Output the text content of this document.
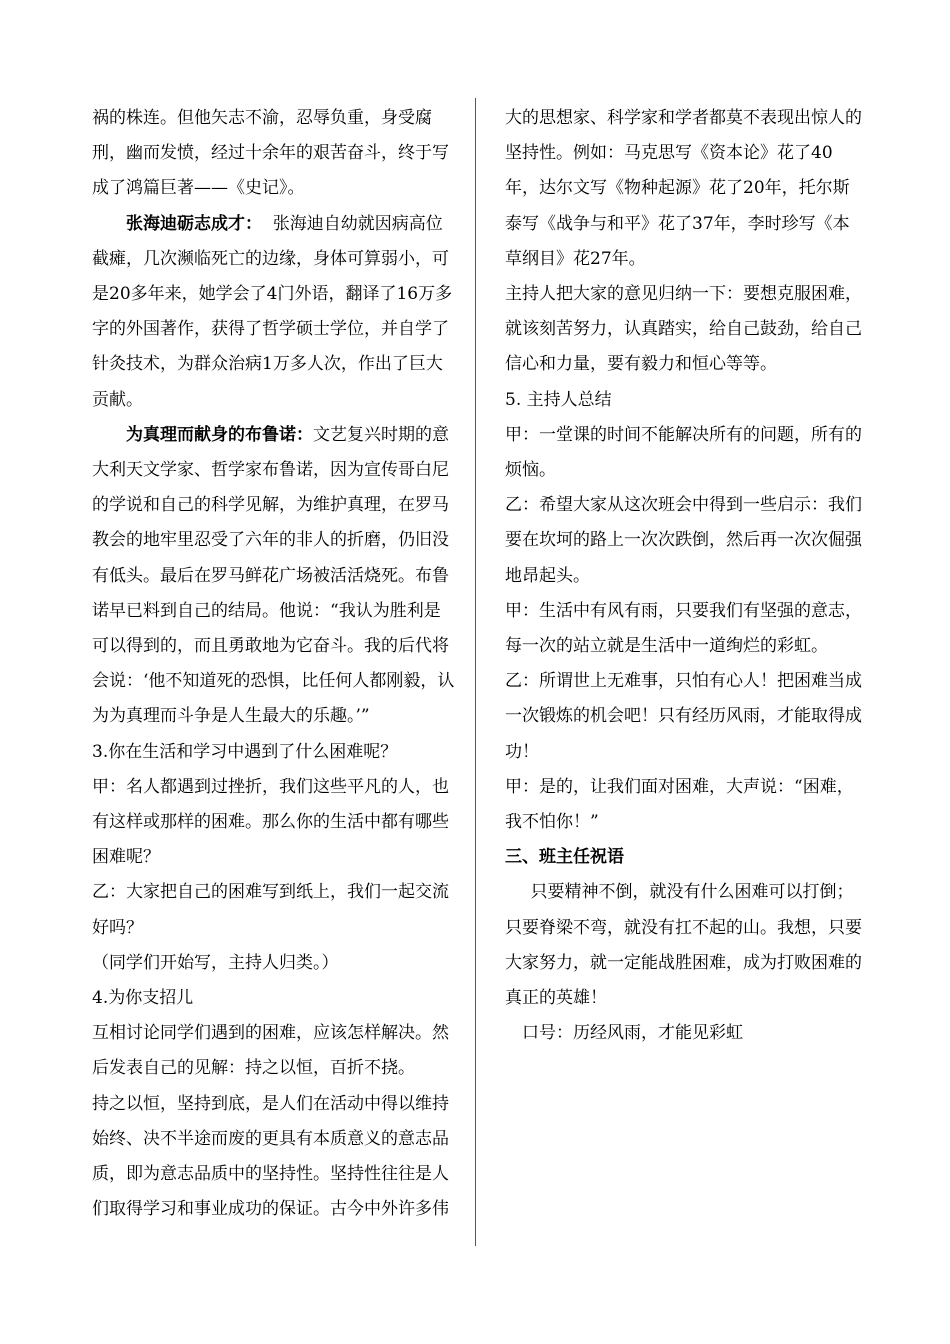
祸的株连。但他矢志不渝，忍辱负重，身受腐刑，幽而发愤，经过十余年的艰苦奋斗，终于写成了鸿篇巨著——《史记》。

张海迪砺志成才： 张海迪自幼就因病高位截瘫，几次濒临死亡的边缘，身体可算弱小，可是20多年来，她学会了4门外语，翻译了16万多字的外国著作，获得了哲学硕士学位，并自学了针灸技术，为群众治病1万多人次，作出了巨大贡献。

为真理而献身的布鲁诺：文艺复兴时期的意大利天文学家、哲学家布鲁诺，因为宣传哥白尼的学说和自己的科学见解，为维护真理，在罗马教会的地牢里忍受了六年的非人的折磨，仍旧没有低头。最后在罗马鲜花广场被活活烧死。布鲁诺早已料到自己的结局。他说：“我认为胜利是可以得到的，而且勇敢地为它奋斗。我的后代将会说：‘他不知道死的恐惧，比任何人都刚毅，认为为真理而斗争是人生最大的乐趣。’”

3.你在生活和学习中遇到了什么困难呢？

甲：名人都遇到过挫折，我们这些平凡的人，也有这样或那样的困难。那么你的生活中都有哪些困难呢？

乙：大家把自己的困难写到纸上，我们一起交流好吗？

（同学们开始写，主持人归类。）

4.为你支招儿

互相讨论同学们遇到的困难，应该怎样解决。然后发表自己的见解：持之以恒，百折不挠。

持之以恒，坚持到底，是人们在活动中得以维持始终、决不半途而废的更具有本质意义的意志品质，即为意志品质中的坚持性。坚持性往往是人们取得学习和事业成功的保证。古今中外许多伟

大的思想家、科学家和学者都莫不表现出惊人的坚持性。例如：马克思写《资本论》花了40年，达尔文写《物种起源》花了20年，托尔斯泰写《战争与和平》花了37年，李时珍写《本草纲目》花27年。

主持人把大家的意见归纳一下：要想克服困难，就该刻苦努力，认真踏实，给自己鼓劲，给自己信心和力量，要有毅力和恒心等等。

5. 主持人总结

甲：一堂课的时间不能解决所有的问题，所有的烦恼。

乙：希望大家从这次班会中得到一些启示：我们要在坎坷的路上一次次跌倒，然后再一次次倔强地昂起头。

甲：生活中有风有雨，只要我们有坚强的意志，每一次的站立就是生活中一道绚烂的彩虹。

乙：所谓世上无难事，只怕有心人！把困难当成一次锻炼的机会吧！只有经历风雨，才能取得成功！

甲：是的，让我们面对困难，大声说：“困难，我不怕你！”

三、班主任祝语

只要精神不倒，就没有什么困难可以打倒；只要脊梁不弯，就没有扛不起的山。我想，只要大家努力，就一定能战胜困难，成为打败困难的真正的英雄！

口号：历经风雨，才能见彩虹
